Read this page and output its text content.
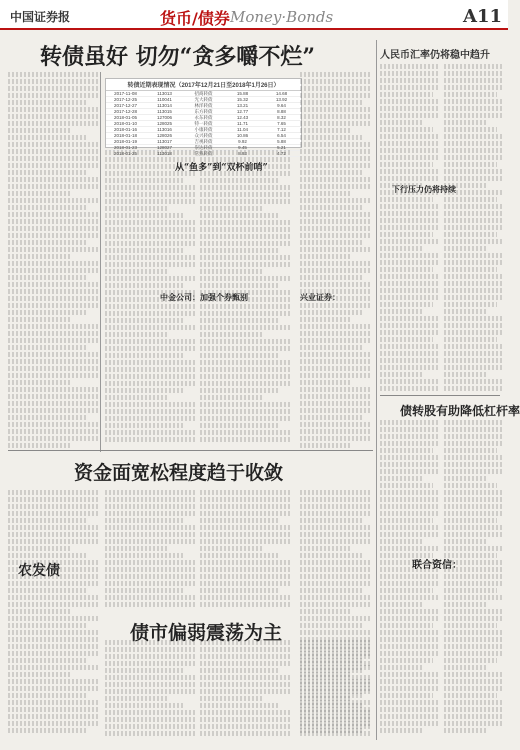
中国证券报	货币/债券 Money·Bonds	A11
转债虽好 切勿“贪多嚼不烂”	人民币汇率仍将稳中趋升
资金面宽松程度趋于收敛
债市偏弱震荡为主
债转股有助降低杠杆率
农发债	联合资信：
中金公司：加强个券甄别	兴业证券：
从“鱼多”到“双杯前哨”
下行压力仍将持续
转债近期表现情况（2017年12月21日至2018年1月26日）
2017-11-08	113013	招商转债	15.88	14.68
2017-12-25	110041	光大转债	15.32	13.92
2017-12-27	113014	林洋转债	13.21	9.64
2017-12-28	113015	东方转债	12.77	8.88
2018-01-05	127006	永东转债	12.43	8.32
2018-01-10	128025	特一转债	11.71	7.65
2018-01-16	113016	小康转债	11.04	7.12
2018-01-18	128026	众兴转债	10.86	6.54
2018-01-19	113017	吉视转债	9.92	5.88
2018-01-23	128027	崇达转债	9.45	5.21
2018-01-25	113018	常熟转债	8.93	4.72
